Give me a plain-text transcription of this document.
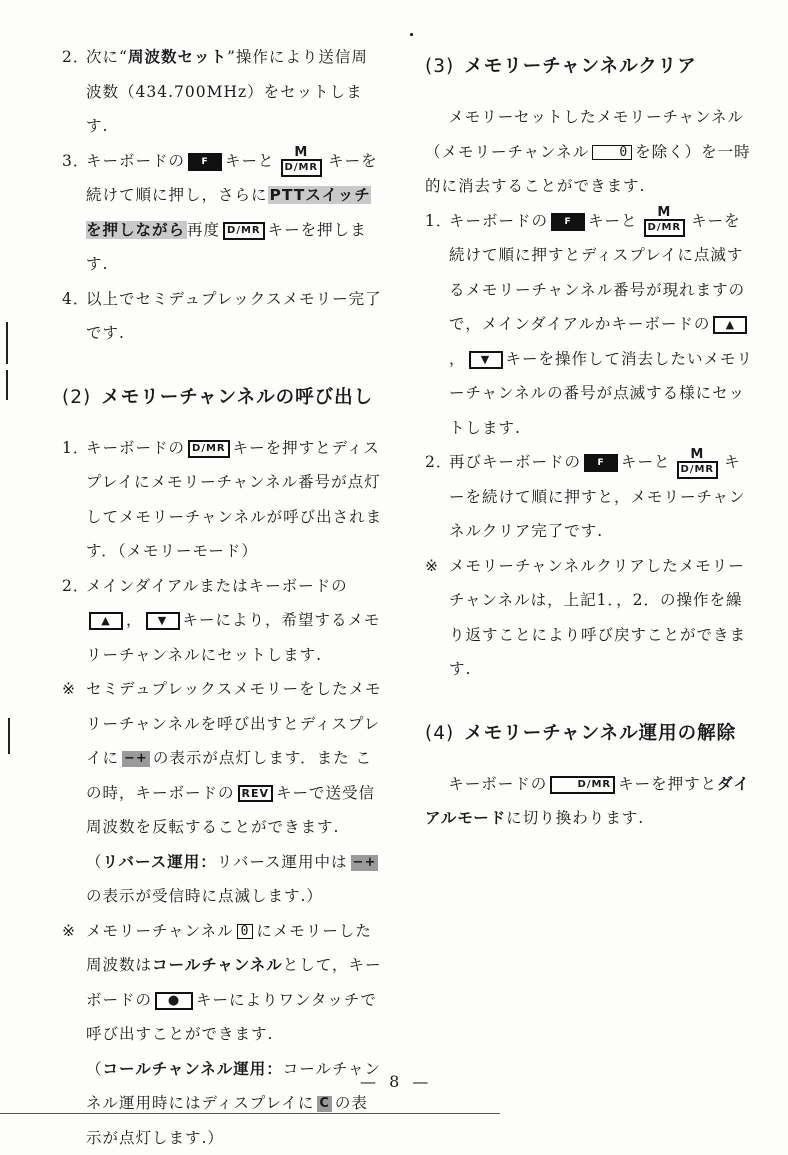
2．

次に“周波数セット”操作により送信周波数（434.700MHz）をセットします.

3．

キーボードの F キーと M
D/MR キーを続けて順に押し，さらに PTTスイッチを押しながら 再度 D/MR キーを押します.

4．

以上でセミデュプレックスメモリー完了です.

(2) メモリーチャンネルの呼び出し
1．

キーボードの D/MR キーを押すとディスプレイにメモリーチャンネル番号が点灯してメモリーチャンネルが呼び出されます．（メモリーモード）

2．

メインダイアルまたはキーボードの▲ ， ▼ キーにより，希望するメモリーチャンネルにセットします.

※ セミデュプレックスメモリーをしたメモリーチャンネルを呼び出すとディスプレイに −+ の表示が点灯します．また この時，キーボードの REV キーで送受信周波数を反転することができます.
（リバース運用：リバース運用中は −+の表示が受信時に点滅します.）

※ メモリーチャンネル 0 にメモリーした周波数はコールチャンネルとして，キーボードの ● キーによりワンタッチで呼び出すことができます.
（コールチャンネル運用：コールチャンネル運用時にはディスプレイに C の表示が点灯します.）

(3) メモリーチャンネルクリア

メモリーセットしたメモリーチャンネル（メモリーチャンネル 0 を除く）を一時的に消去することができます.

1．

キーボードの F キーと M
D/MR キーを続けて順に押すとディスプレイに点滅するメモリーチャンネル番号が現れますので，メインダイアルかキーボードの ▲， ▼ キーを操作して消去したいメモリーチャンネルの番号が点滅する様にセットします.

2．

再びキーボードの F キーと M
D/MR キーを続けて順に押すと，メモリーチャンネルクリア完了です.

※ メモリーチャンネルクリアしたメモリーチャンネルは，上記1．，2．の操作を繰り返すことにより呼び戻すことができます.

(4) メモリーチャンネル運用の解除

キーボードの	D/MR キーを押すとダイアルモードに切り換わります.

— 8 —
